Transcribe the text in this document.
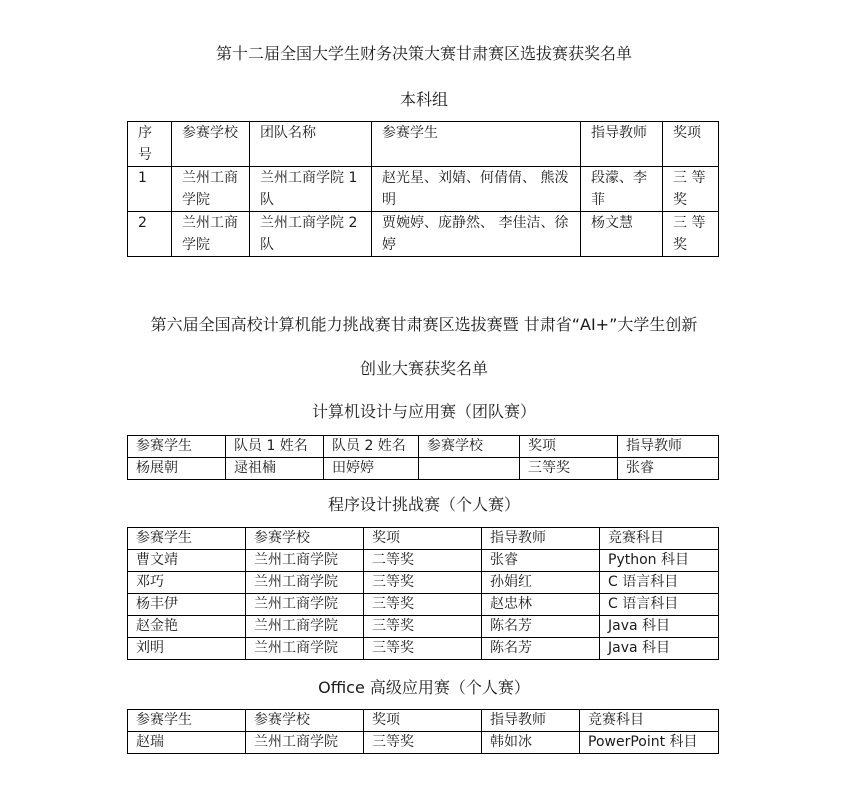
第十二届全国大学生财务决策大赛甘肃赛区选拔赛获奖名单
本科组
序号	参赛学校	团队名称	参赛学生	指导教师	奖项
1	兰州工商学院	兰州工商学院 1 队	赵光星、刘婧、何倩倩、 熊泼明	段濛、李菲	三 等奖
2	兰州工商学院	兰州工商学院 2 队	贾婉婷、庞静然、 李佳洁、徐婷	杨文慧	三 等奖
第六届全国高校计算机能力挑战赛甘肃赛区选拔赛暨 甘肃省“AI+”大学生创新
创业大赛获奖名单
计算机设计与应用赛（团队赛）
参赛学生	队员 1 姓名	队员 2 姓名	参赛学校	奖项	指导教师
杨展朝	逯祖楠	田婷婷		三等奖	张睿
程序设计挑战赛（个人赛）
参赛学生	参赛学校	奖项	指导教师	竞赛科目
曹文靖	兰州工商学院	二等奖	张睿	Python 科目
邓巧	兰州工商学院	三等奖	孙娟红	C 语言科目
杨丰伊	兰州工商学院	三等奖	赵忠林	C 语言科目
赵金艳	兰州工商学院	三等奖	陈名芳	Java 科目
刘明	兰州工商学院	三等奖	陈名芳	Java 科目
Office 高级应用赛（个人赛）
参赛学生	参赛学校	奖项	指导教师	竞赛科目
赵瑞	兰州工商学院	三等奖	韩如冰	PowerPoint 科目
